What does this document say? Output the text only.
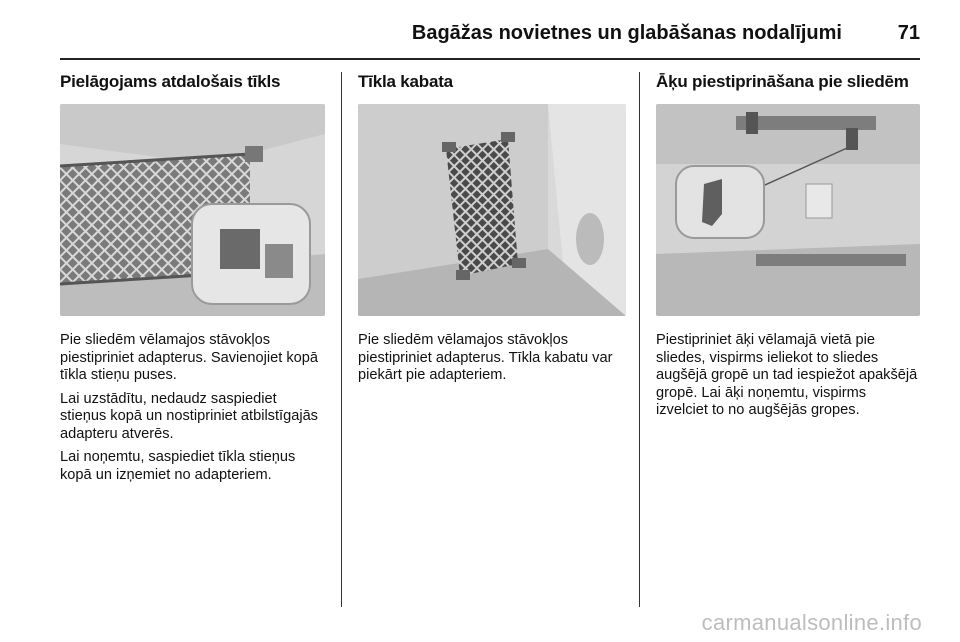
Bagāžas novietnes un glabāšanas nodalījumi	71
Pielāgojams atdalošais tīkls

Pie sliedēm vēlamajos stāvokļos piestipriniet adapterus. Savienojiet kopā tīkla stieņu puses.

Lai uzstādītu, nedaudz saspiediet stieņus kopā un nostipriniet atbilstīgajās adapteru atverēs.

Lai noņemtu, saspiediet tīkla stieņus kopā un izņemiet no adapteriem.

Tīkla kabata

Pie sliedēm vēlamajos stāvokļos piestipriniet adapterus. Tīkla kabatu var piekārt pie adapteriem.

Āķu piestiprināšana pie sliedēm

Piestipriniet āķi vēlamajā vietā pie sliedes, vispirms ieliekot to sliedes augšējā gropē un tad iespiežot apakšējā gropē. Lai āķi noņemtu, vispirms izvelciet to no augšējās gropes.

carmanualsonline.info
